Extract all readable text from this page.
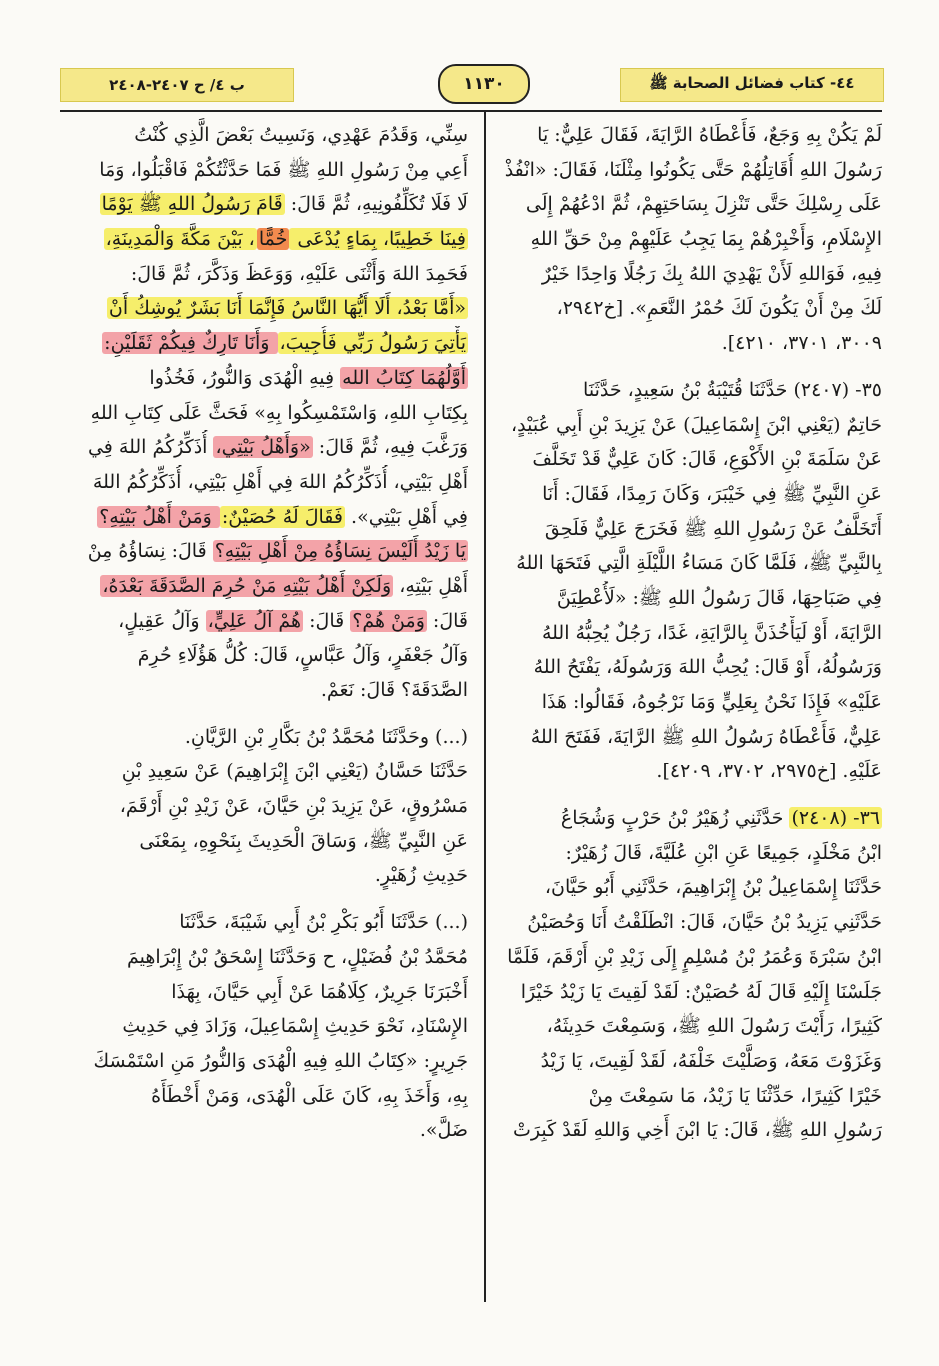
٤٤- كتاب فضائل الصحابة ﷺ
١١٣٠
ب ٤/ ح ٢٤٠٧-٢٤٠٨
لَمْ يَكُنْ بِهِ وَجَعٌ، فَأَعْطَاهُ الرَّايَةَ، فَقَالَ عَلِيٌّ: يَا
رَسُولَ اللهِ أُقَاتِلُهُمْ حَتَّى يَكُونُوا مِثْلَنَا، فَقَالَ: «انْفُذْ
عَلَى رِسْلِكَ حَتَّى تَنْزِلَ بِسَاحَتِهِمْ، ثُمَّ ادْعُهُمْ إِلَى
الإِسْلَامِ، وَأَخْبِرْهُمْ بِمَا يَجِبُ عَلَيْهِمْ مِنْ حَقِّ اللهِ
فِيهِ، فَوَاللهِ لَأَنْ يَهْدِيَ اللهُ بِكَ رَجُلًا وَاحِدًا خَيْرٌ
لَكَ مِنْ أَنْ يَكُونَ لَكَ حُمْرُ النَّعَمِ». [خ٢٩٤٢،
٣٠٠٩، ٣٧٠١، ٤٢١٠].
٣٥- (٢٤٠٧) حَدَّثَنَا قُتَيْبَةُ بْنُ سَعِيدٍ، حَدَّثَنَا
حَاتِمٌ (يَعْنِي ابْنَ إِسْمَاعِيلَ) عَنْ يَزِيدَ بْنِ أَبِي عُبَيْدٍ،
عَنْ سَلَمَةَ بْنِ الأَكْوَعِ، قَالَ: كَانَ عَلِيٌّ قَدْ تَخَلَّفَ
عَنِ النَّبِيِّ ﷺ فِي خَيْبَرَ، وَكَانَ رَمِدًا، فَقَالَ: أَنَا
أَتَخَلَّفُ عَنْ رَسُولِ اللهِ ﷺ فَخَرَجَ عَلِيٌّ فَلَحِقَ
بِالنَّبِيِّ ﷺ، فَلَمَّا كَانَ مَسَاءُ اللَّيْلَةِ الَّتِي فَتَحَهَا اللهُ
فِي صَبَاحِهَا، قَالَ رَسُولُ اللهِ ﷺ: «لَأُعْطِيَنَّ
الرَّايَةَ، أَوْ لَيَأْخُذَنَّ بِالرَّايَةِ، غَدًا، رَجُلٌ يُحِبُّهُ اللهُ
وَرَسُولُهُ، أَوْ قَالَ: يُحِبُّ اللهَ وَرَسُولَهُ، يَفْتَحُ اللهُ
عَلَيْهِ» فَإِذَا نَحْنُ بِعَلِيٍّ وَمَا نَرْجُوهُ، فَقَالُوا: هَذَا
عَلِيٌّ، فَأَعْطَاهُ رَسُولُ اللهِ ﷺ الرَّايَةَ، فَفَتَحَ اللهُ
عَلَيْهِ. [خ٢٩٧٥، ٣٧٠٢، ٤٢٠٩].
٣٦- (٢٤٠٨) حَدَّثَنِي زُهَيْرُ بْنُ حَرْبٍ وَشُجَاعُ
ابْنُ مَخْلَدٍ، جَمِيعًا عَنِ ابْنِ عُلَيَّةَ، قَالَ زُهَيْرٌ:
حَدَّثَنَا إِسْمَاعِيلُ بْنُ إِبْرَاهِيمَ، حَدَّثَنِي أَبُو حَيَّانَ،
حَدَّثَنِي يَزِيدُ بْنُ حَيَّانَ، قَالَ: انْطَلَقْتُ أَنَا وَحُصَيْنُ
ابْنُ سَبْرَةَ وَعُمَرُ بْنُ مُسْلِمٍ إِلَى زَيْدِ بْنِ أَرْقَمَ، فَلَمَّا
جَلَسْنَا إِلَيْهِ قَالَ لَهُ حُصَيْنٌ: لَقَدْ لَقِيتَ يَا زَيْدُ خَيْرًا
كَثِيرًا، رَأَيْتَ رَسُولَ اللهِ ﷺ، وَسَمِعْتَ حَدِيثَهُ،
وَغَزَوْتَ مَعَهُ، وَصَلَّيْتَ خَلْفَهُ، لَقَدْ لَقِيتَ، يَا زَيْدُ
خَيْرًا كَثِيرًا، حَدِّثْنَا يَا زَيْدُ، مَا سَمِعْتَ مِنْ
رَسُولِ اللهِ ﷺ، قَالَ: يَا ابْنَ أَخِي وَاللهِ لَقَدْ كَبِرَتْ
سِنِّي، وَقَدُمَ عَهْدِي، وَنَسِيتُ بَعْضَ الَّذِي كُنْتُ
أَعِي مِنْ رَسُولِ اللهِ ﷺ فَمَا حَدَّثْتُكُمْ فَاقْبَلُوا، وَمَا
لَا فَلَا تُكَلِّفُونِيهِ، ثُمَّ قَالَ: قَامَ رَسُولُ اللهِ ﷺ يَوْمًا
فِينَا خَطِيبًا، بِمَاءٍ يُدْعَى خُمًّا، بَيْنَ مَكَّةَ وَالْمَدِينَةِ،
فَحَمِدَ اللهَ وَأَثْنَى عَلَيْهِ، وَوَعَظَ وَذَكَّرَ، ثُمَّ قَالَ:
«أَمَّا بَعْدُ، أَلَا أَيُّهَا النَّاسُ فَإِنَّمَا أَنَا بَشَرٌ يُوشِكُ أَنْ
يَأْتِيَ رَسُولُ رَبِّي فَأُجِيبَ، وَأَنَا تَارِكٌ فِيكُمْ ثَقَلَيْنِ:
أَوَّلُهُمَا كِتَابُ الله فِيهِ الْهُدَى وَالنُّورُ، فَخُذُوا
بِكِتَابِ اللهِ، وَاسْتَمْسِكُوا بِهِ» فَحَثَّ عَلَى كِتَابِ اللهِ
وَرَغَّبَ فِيهِ، ثُمَّ قَالَ: «وَأَهْلُ بَيْتِي، أُذَكِّرُكُمُ اللهَ فِي
أَهْلِ بَيْتِي، أُذَكِّرُكُمُ اللهَ فِي أَهْلِ بَيْتِي، أُذَكِّرُكُمُ اللهَ
فِي أَهْلِ بَيْتِي». فَقَالَ لَهُ حُصَيْنٌ: وَمَنْ أَهْلُ بَيْتِهِ؟
يَا زَيْدُ أَلَيْسَ نِسَاؤُهُ مِنْ أَهْلِ بَيْتِهِ؟ قَالَ: نِسَاؤُهُ مِنْ
أَهْلِ بَيْتِهِ، وَلَكِنْ أَهْلُ بَيْتِهِ مَنْ حُرِمَ الصَّدَقَةَ بَعْدَهُ،
قَالَ: وَمَنْ هُمْ؟ قَالَ: هُمْ آلُ عَلِيٍّ، وَآلُ عَقِيلٍ،
وَآلُ جَعْفَرٍ، وَآلُ عَبَّاسٍ، قَالَ: كُلُّ هَؤُلَاءِ حُرِمَ
الصَّدَقَةَ؟ قَالَ: نَعَمْ.
(...) وحَدَّثَنَا مُحَمَّدُ بْنُ بَكَّارِ بْنِ الرَّيَّانِ.
حَدَّثَنَا حَسَّانُ (يَعْنِي ابْنَ إِبْرَاهِيمَ) عَنْ سَعِيدِ بْنِ
مَسْرُوقٍ، عَنْ يَزِيدَ بْنِ حَيَّانَ، عَنْ زَيْدِ بْنِ أَرْقَمَ،
عَنِ النَّبِيِّ ﷺ، وَسَاقَ الْحَدِيثَ بِنَحْوِهِ، بِمَعْنَى
حَدِيثِ زُهَيْرٍ.
(...) حَدَّثَنَا أَبُو بَكْرِ بْنُ أَبِي شَيْبَةَ، حَدَّثَنَا
مُحَمَّدُ بْنُ فُضَيْلٍ، ح وَحَدَّثَنَا إِسْحَقُ بْنُ إِبْرَاهِيمَ
أَخْبَرَنَا جَرِيرٌ، كِلَاهُمَا عَنْ أَبِي حَيَّانَ، بِهَذَا
الإِسْنَادِ، نَحْوَ حَدِيثِ إِسْمَاعِيلَ، وَزَادَ فِي حَدِيثِ
جَرِيرٍ: «كِتَابُ اللهِ فِيهِ الْهُدَى وَالنُّورُ مَنِ اسْتَمْسَكَ
بِهِ، وَأَخَذَ بِهِ، كَانَ عَلَى الْهُدَى، وَمَنْ أَخْطَأَهُ
ضَلَّ».
